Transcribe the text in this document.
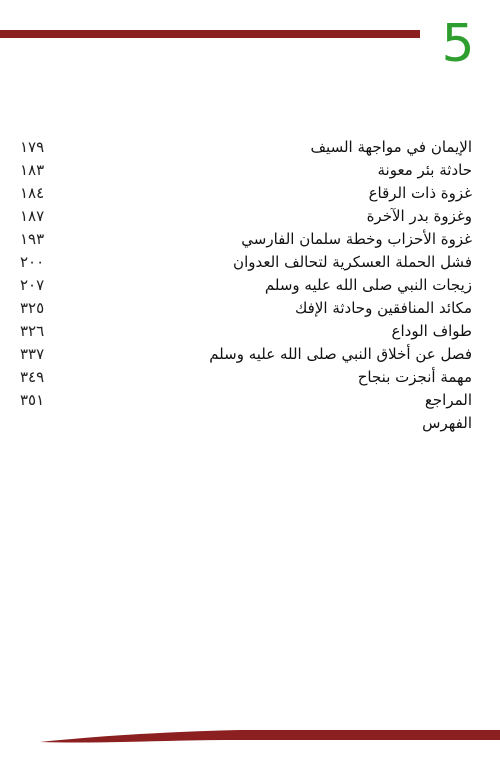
5
١٧٩	الإيمان في مواجهة السيف
١٨٣	حادثة بئر معونة
١٨٤	غزوة ذات الرقاع
١٨٧	وغزوة بدر الآخرة
١٩٣	غزوة الأحزاب وخطة سلمان الفارسي
٢٠٠	فشل الحملة العسكرية لتحالف العدوان
٢٠٧	زيجات النبي صلى الله عليه وسلم
٣٢٥	مكائد المنافقين وحادثة الإفك
٣٢٦	طواف الوداع
٣٣٧	فصل عن أخلاق النبي صلى الله عليه وسلم
٣٤٩	مهمة أنجزت بنجاح
٣٥١	المراجع
الفهرس
